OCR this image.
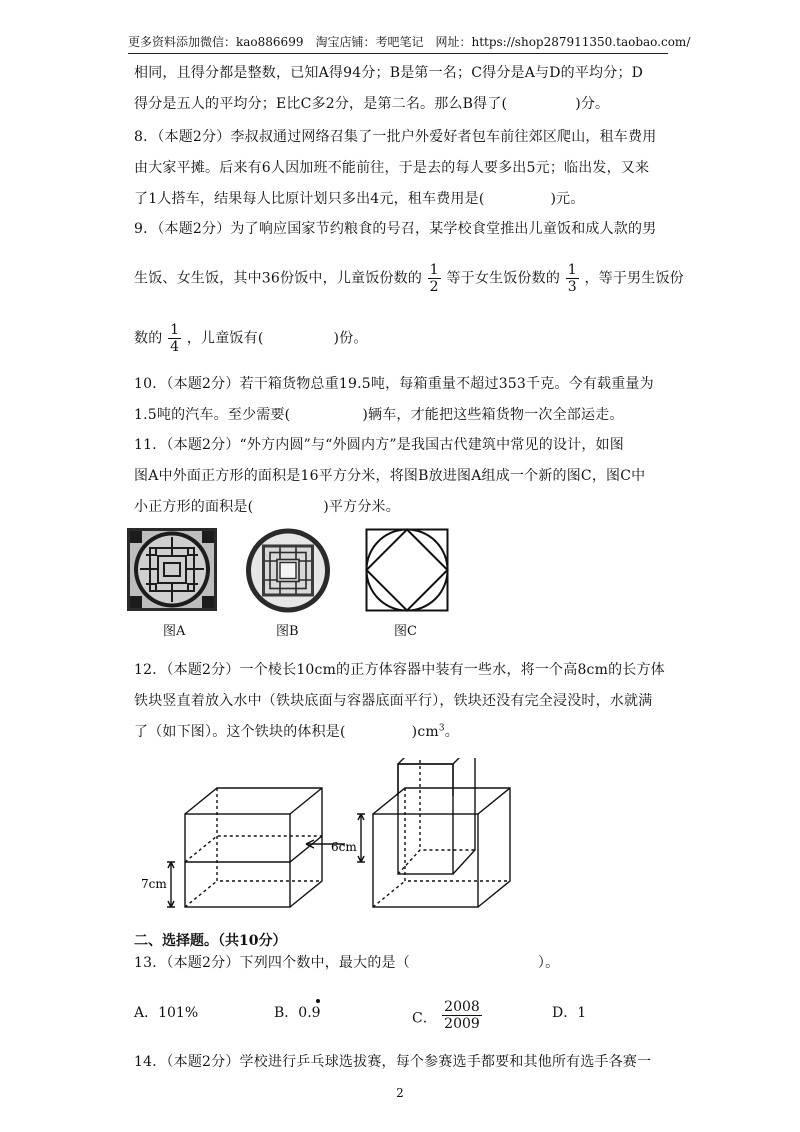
更多资料添加微信：kao886699　淘宝店铺：考吧笔记　网址：https://shop287911350.taobao.com/
相同，且得分都是整数，已知A得94分；B是第一名；C得分是A与D的平均分；D
得分是五人的平均分；E比C多2分，是第二名。那么B得了(	)分。
8．（本题2分）李叔叔通过网络召集了一批户外爱好者包车前往郊区爬山，租车费用
由大家平摊。后来有6人因加班不能前往，于是去的每人要多出5元；临出发，又来
了1人搭车，结果每人比原计划只多出4元，租车费用是(	)元。
9．（本题2分）为了响应国家节约粮食的号召，某学校食堂推出儿童饭和成人款的男
生饭、女生饭，其中36份饭中，儿童饭份数的 $\frac{1}{2}$ 等于女生饭份数的 $\frac{1}{3}$ ，等于男生饭份
数的 $\frac{1}{4}$ ，儿童饭有(	)份。
10．（本题2分）若干箱货物总重19.5吨，每箱重量不超过353千克。今有载重量为
1.5吨的汽车。至少需要(	)辆车，才能把这些箱货物一次全部运走。
11．（本题2分）“外方内圆”与“外圆内方”是我国古代建筑中常见的设计，如图
图A中外面正方形的面积是16平方分米，将图B放进图A组成一个新的图C，图C中
小正方形的面积是(	)平方分米。
图A	图B	图C
12．（本题2分）一个棱长10cm的正方体容器中装有一些水，将一个高8cm的长方体
铁块竖直着放入水中（铁块底面与容器底面平行），铁块还没有完全浸没时，水就满
了（如下图）。这个铁块的体积是(	)$cm^3$。
7cm
6cm
二、选择题。（共10分）
13．（本题2分）下列四个数中，最大的是（	）。
A．101%	B．0.9	C． $\frac{2008}{2009}$	D．1
14．（本题2分）学校进行乒乓球选拔赛，每个参赛选手都要和其他所有选手各赛一
2
